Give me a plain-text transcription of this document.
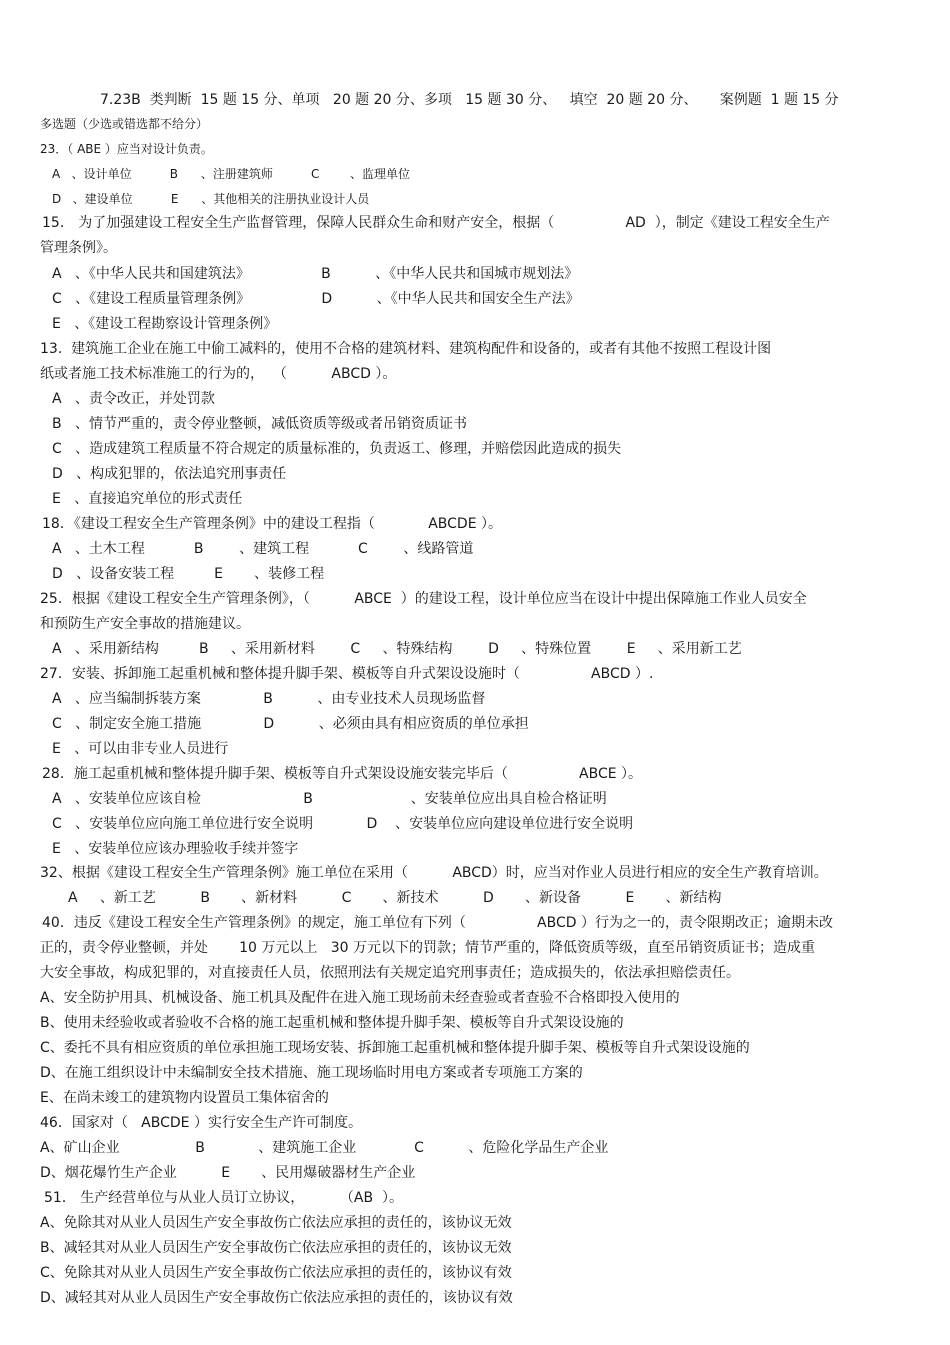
7.23B  类判断  15 题 15 分、单项   20 题 20 分、多项   15 题 30 分、   填空  20 题 20 分、     案例题  1 题 15 分
多选题（少选或错选都不给分）
23．（ ABE ）应当对设计负责。
A   、设计单位          B      、注册建筑师          C        、监理单位
D   、建设单位          E      、其他相关的注册执业设计人员
15． 为了加强建设工程安全生产监督管理，保障人民群众生命和财产安全，根据（                AD  ），制定《建设工程安全生产
管理条例》。
A   、《中华人民共和国建筑法》                B          、《中华人民共和国城市规划法》
C   、《建设工程质量管理条例》                D          、《中华人民共和国安全生产法》
E   、《建设工程勘察设计管理条例》
13.  建筑施工企业在施工中偷工减料的，使用不合格的建筑材料、建筑构配件和设备的，或者有其他不按照工程设计图
纸或者施工技术标准施工的行为的，  （          ABCD ）。
A   、责令改正，并处罚款
B   、情节严重的，责令停业整顿，减低资质等级或者吊销资质证书
C   、造成建筑工程质量不符合规定的质量标准的，负责返工、修理，并赔偿因此造成的损失
D   、构成犯罪的，依法追究刑事责任
E   、直接追究单位的形式责任
18．《建设工程安全生产管理条例》中的建设工程指（            ABCDE ）。
A   、土木工程           B        、建筑工程           C        、线路管道
D   、设备安装工程         E       、装修工程
25．根据《建设工程安全生产管理条例》，（          ABCE  ）的建设工程，设计单位应当在设计中提出保障施工作业人员安全
和预防生产安全事故的措施建议。
A   、采用新结构         B     、采用新材料        C     、特殊结构        D     、特殊位置        E     、采用新工艺
27．安装、拆卸施工起重机械和整体提升脚手架、模板等自升式架设设施时（                ABCD ）.
A   、应当编制拆装方案              B          、由专业技术人员现场监督
C   、制定安全施工措施              D          、必须由具有相应资质的单位承担
E   、可以由非专业人员进行
28．施工起重机械和整体提升脚手架、模板等自升式架设设施安装完毕后（                ABCE ）。
A   、安装单位应该自检                       B                      、安装单位应出具自检合格证明
C   、安装单位应向施工单位进行安全说明            D    、安装单位应向建设单位进行安全说明
E   、安装单位应该办理验收手续并签字
32、根据《建设工程安全生产管理条例》施工单位在采用（          ABCD）时，应当对作业人员进行相应的安全生产教育培训。
A     、新工艺          B       、新材料          C       、新技术          D       、新设备          E       、新结构
40．违反《建设工程安全生产管理条例》的规定，施工单位有下列（                ABCD ）行为之一的，责令限期改正；逾期未改
正的，责令停业整顿，并处       10 万元以上   30 万元以下的罚款；情节严重的，降低资质等级，直至吊销资质证书；造成重
大安全事故，构成犯罪的，对直接责任人员，依照刑法有关规定追究刑事责任；造成损失的，依法承担赔偿责任。
A、安全防护用具、机械设备、施工机具及配件在进入施工现场前未经查验或者查验不合格即投入使用的
B、使用未经验收或者验收不合格的施工起重机械和整体提升脚手架、模板等自升式架设设施的
C、委托不具有相应资质的单位承担施工现场安装、拆卸施工起重机械和整体提升脚手架、模板等自升式架设设施的
D、在施工组织设计中未编制安全技术措施、施工现场临时用电方案或者专项施工方案的
E、在尚未竣工的建筑物内设置员工集体宿舍的
46．国家对（   ABCDE ）实行安全生产许可制度。
A、矿山企业                 B            、建筑施工企业             C          、危险化学品生产企业
D、烟花爆竹生产企业          E       、民用爆破器材生产企业
51． 生产经营单位与从业人员订立协议，        （AB  ）。
A、免除其对从业人员因生产安全事故伤亡依法应承担的责任的，该协议无效
B、减轻其对从业人员因生产安全事故伤亡依法应承担的责任的，该协议无效
C、免除其对从业人员因生产安全事故伤亡依法应承担的责任的，该协议有效
D、减轻其对从业人员因生产安全事故伤亡依法应承担的责任的，该协议有效
